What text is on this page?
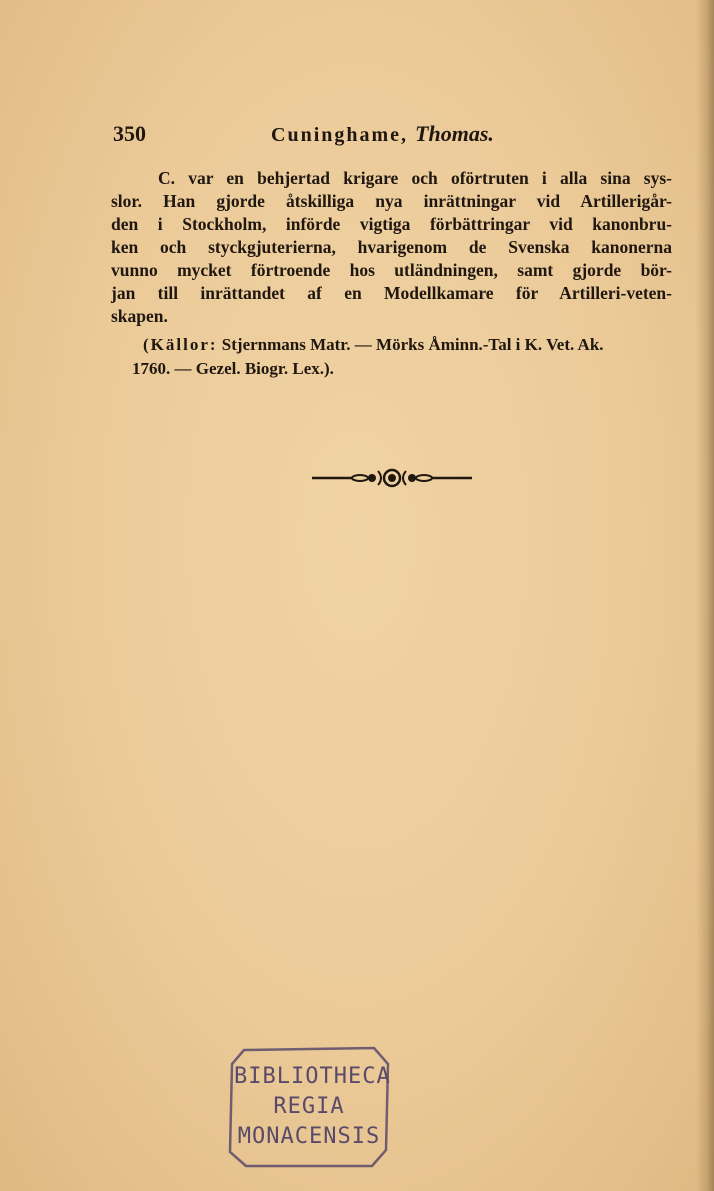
350	Cuninghame, Thomas.
C. var en behjertad krigare och oförtruten i alla sina sys-
slor. Han gjorde åtskilliga nya inrättningar vid Artillerigår-
den i Stockholm, införde vigtiga förbättringar vid kanonbru-
ken och styckgjuterierna, hvarigenom de Svenska kanonerna
vunno mycket förtroende hos utländningen, samt gjorde bör-
jan till inrättandet af en Modellkamare för Artilleri-veten-
skapen.
(Källor: Stjernmans Matr. — Mörks Åminn.-Tal i K. Vet. Ak.
1760. — Gezel. Biogr. Lex.).
BIBLIOTHECA
REGIA
MONACENSIS
